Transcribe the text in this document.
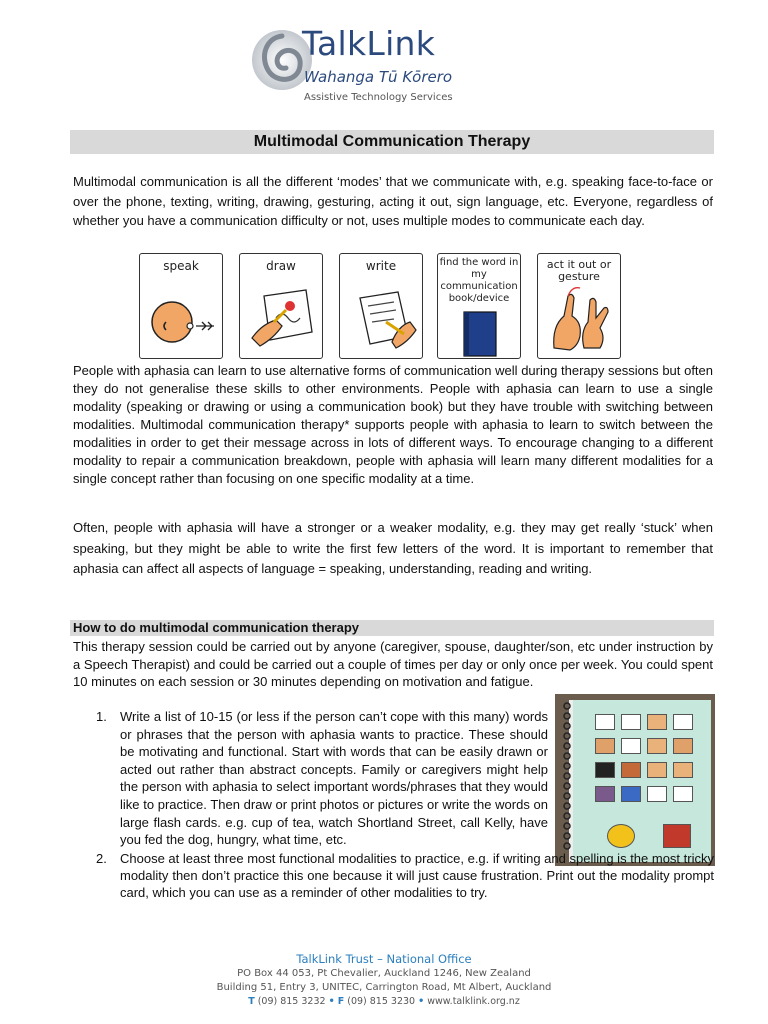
TalkLink
Wahanga Tū Kōrero
Assistive Technology Services
Multimodal Communication Therapy
Multimodal communication is all the different ‘modes’ that we communicate with, e.g. speaking face-to-face or over the phone, texting, writing, drawing, gesturing, acting it out, sign language, etc. Everyone, regardless of whether you have a communication difficulty or not, uses multiple modes to communicate each day.
speak	draw	write	find the word in my communication book/device
act it out or gesture
People with aphasia can learn to use alternative forms of communication well during therapy sessions but often they do not generalise these skills to other environments. People with aphasia can learn to use a single modality (speaking or drawing or using a communication book) but they have trouble with switching between modalities. Multimodal communication therapy* supports people with aphasia to learn to switch between the modalities in order to get their message across in lots of different ways. To encourage changing to a different modality to repair a communication breakdown, people with aphasia will learn many different modalities for a single concept rather than focusing on one specific modality at a time.
Often, people with aphasia will have a stronger or a weaker modality, e.g. they may get really ‘stuck’ when speaking, but they might be able to write the first few letters of the word. It is important to remember that aphasia can affect all aspects of language = speaking, understanding, reading and writing.
How to do multimodal communication therapy
This therapy session could be carried out by anyone (caregiver, spouse, daughter/son, etc under instruction by a Speech Therapist) and could be carried out a couple of times per day or only once per week. You could spent 10 minutes on each session or 30 minutes depending on motivation and fatigue.
1. Write a list of 10-15 (or less if the person can’t cope with this many) words or phrases that the person with aphasia wants to practice. These should be motivating and functional. Start with words that can be easily drawn or acted out rather than abstract concepts. Family or caregivers might help the person with aphasia to select important words/phrases that they would like to practice. Then draw or print photos or pictures or write the words on large flash cards. e.g. cup of tea, watch Shortland Street, call Kelly, have you fed the dog, hungry, what time, etc.
2. Choose at least three most functional modalities to practice, e.g. if writing and spelling is the most tricky modality then don’t practice this one because it will just cause frustration. Print out the modality prompt card, which you can use as a reminder of other modalities to try.
TalkLink Trust – National Office
PO Box 44 053, Pt Chevalier, Auckland 1246, New Zealand
Building 51, Entry 3, UNITEC, Carrington Road, Mt Albert, Auckland
T (09) 815 3232 • F (09) 815 3230 • www.talklink.org.nz
